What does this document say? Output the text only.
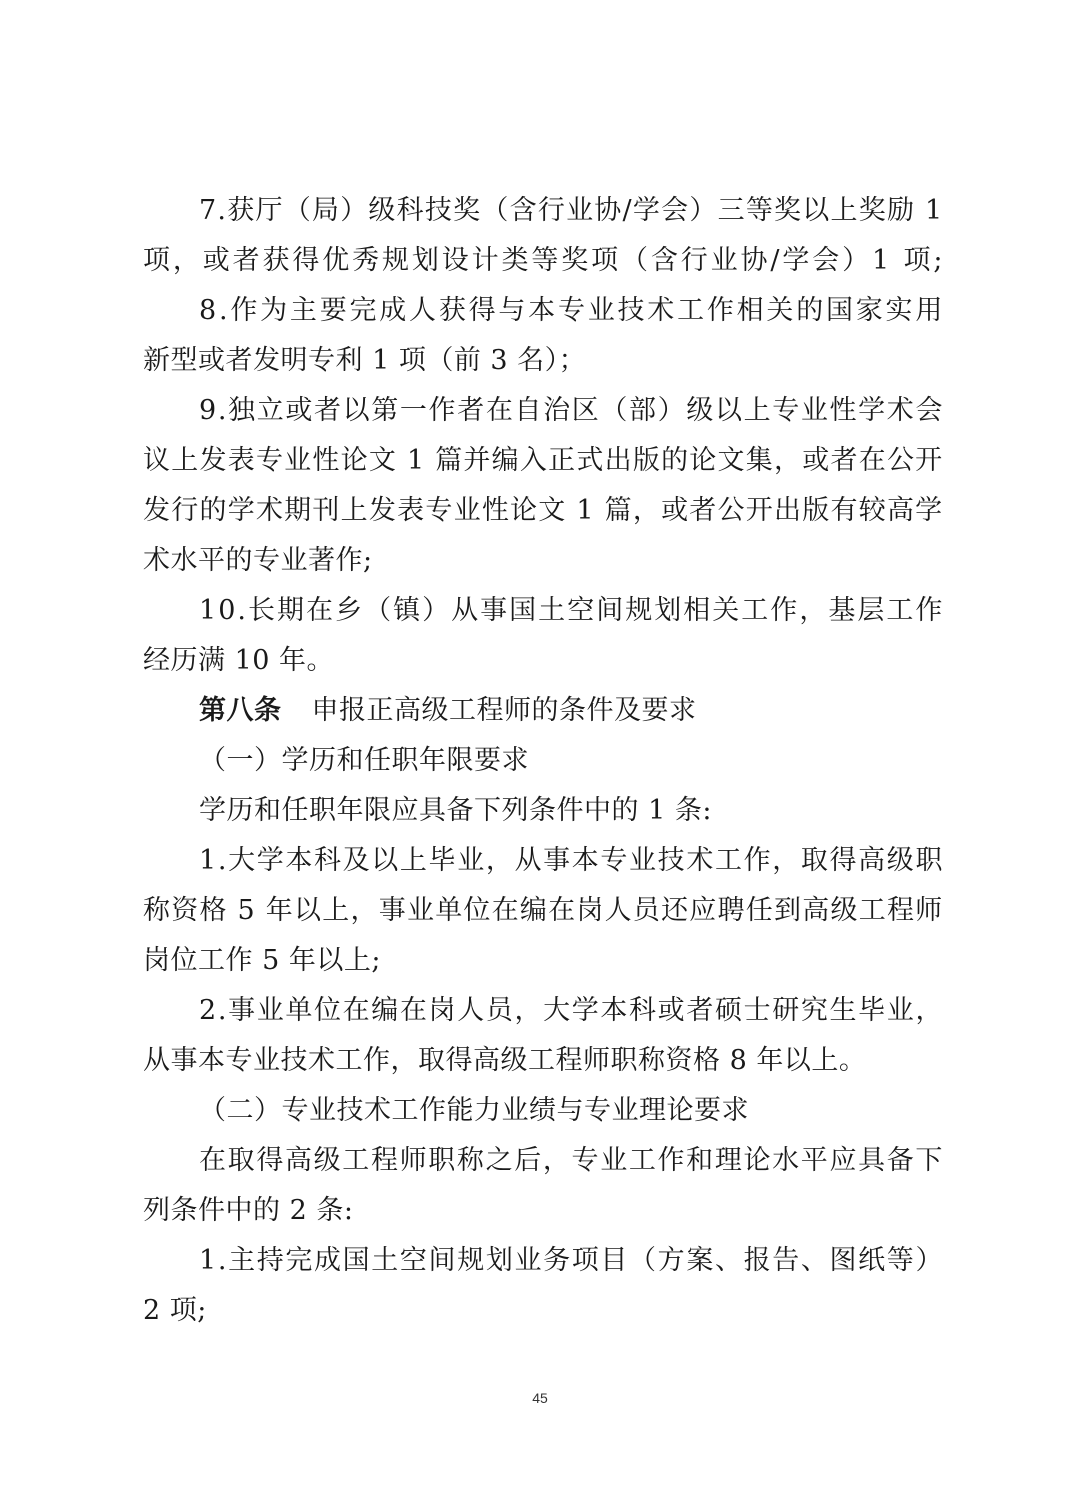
7 . 获 厅 （ 局 ） 级 科 技 奖 （ 含 行 业 协 / 学 会 ） 三 等 奖 以 上 奖 励
1
项 ， 或 者 获 得 优 秀 规 划 设 计 类 等 奖 项 （ 含 行 业 协 / 学 会 ） 1
项 ;
8 . 作 为 主 要 完 成 人 获 得 与 本 专 业 技 术 工 作 相 关 的 国 家 实 用
新型或者发明专利 1 项（前 3 名）；
9 . 独 立 或 者 以 第 一 作 者 在 自 治 区 （ 部 ） 级 以 上 专 业 性 学 术 会
议 上 发 表 专 业 性 论 文
1
篇 并 编 入 正 式 出 版 的 论 文 集 ， 或 者 在 公 开
发 行 的 学 术 期 刊 上 发 表 专 业 性 论 文
1
篇 ， 或 者 公 开 出 版 有 较 高 学
术水平的专业著作;
1 0 . 长 期 在 乡 （ 镇 ） 从 事 国 土 空 间 规 划 相 关 工 作 ， 基 层 工 作
经历满 10 年。
第八条 申报正高级工程师的条件及要求
（一）学历和任职年限要求
学历和任职年限应具备下列条件中的 1 条:
1 . 大 学 本 科 及 以 上 毕 业 ， 从 事 本 专 业 技 术 工 作 ， 取 得 高 级 职
称 资 格
5
年 以 上 ， 事 业 单 位 在 编 在 岗 人 员 还 应 聘 任 到 高 级 工 程 师
岗位工作 5 年以上;
2 . 事 业 单 位 在 编 在 岗 人 员 ， 大 学 本 科 或 者 硕 士 研 究 生 毕 业 ，
从事本专业技术工作，取得高级工程师职称资格 8 年以上。
（二）专业技术工作能力业绩与专业理论要求
在 取 得 高 级 工 程 师 职 称 之 后 ， 专 业 工 作 和 理 论 水 平 应 具 备 下
列条件中的 2 条:
1 . 主 持 完 成 国 土 空 间 规 划 业 务 项 目 （ 方 案 、 报 告 、 图 纸 等 ）
2 项;
45
